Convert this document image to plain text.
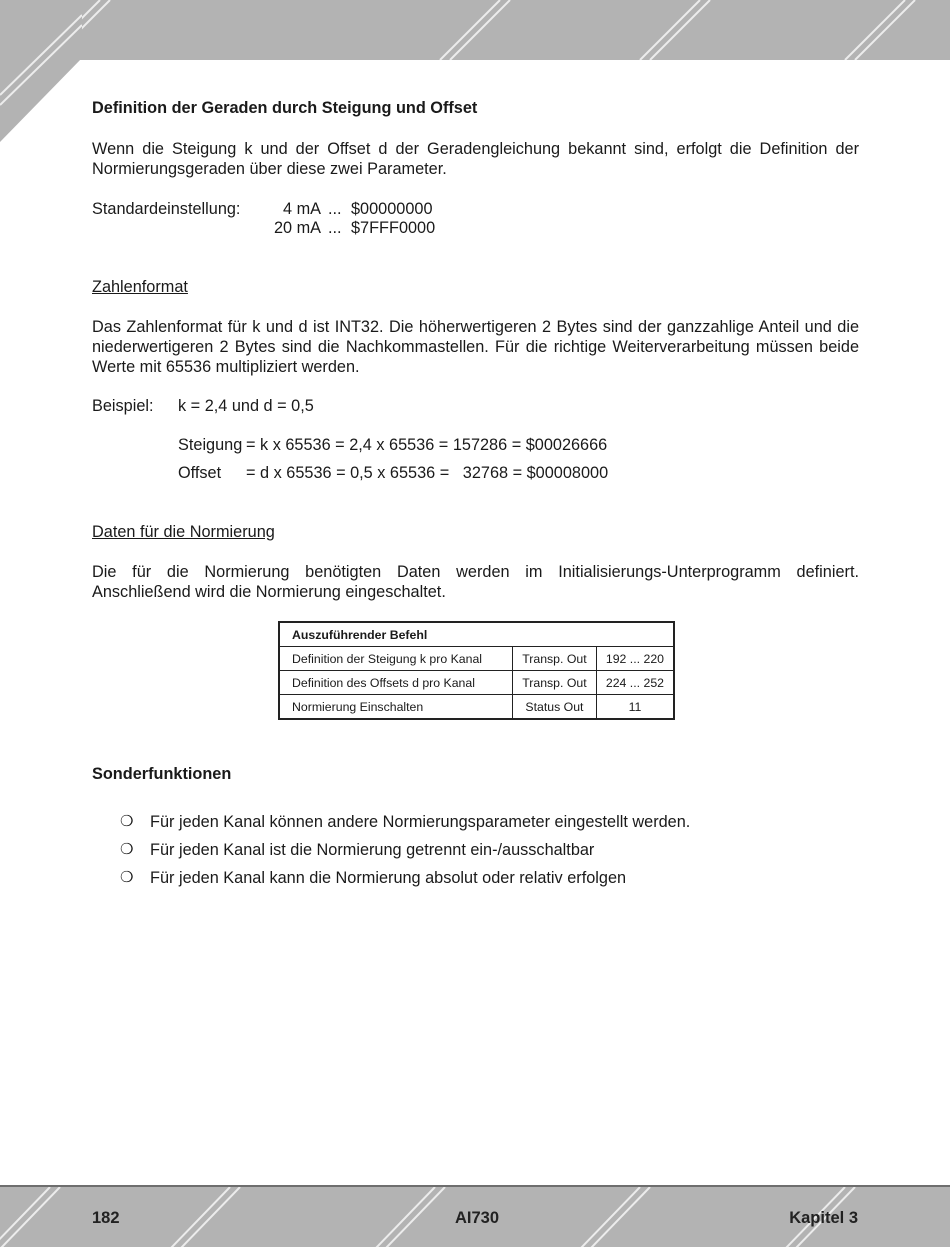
Definition der Geraden durch Steigung und Offset
Wenn die Steigung k und der Offset d der Geradengleichung bekannt sind, erfolgt die Definition der Normierungsgeraden über diese zwei Parameter.
Standardeinstellung:	4 mA ... $00000000
20 mA ... $7FFF0000
Zahlenformat
Das Zahlenformat für k und d ist INT32. Die höherwertigeren 2 Bytes sind der ganzzahlige Anteil und die niederwertigeren 2 Bytes sind die Nachkommastellen. Für die richtige Weiterverarbeitung müssen beide Werte mit 65536 multipliziert werden.
Beispiel: k = 2,4 und d = 0,5
Steigung = k x 65536 = 2,4 x 65536 = 157286 = $00026666
Offset = d x 65536 = 0,5 x 65536 =   32768 = $00008000
Daten für die Normierung
Die für die Normierung benötigten Daten werden im Initialisierungs-Unterprogramm definiert. Anschließend wird die Normierung eingeschaltet.
Auszuführender Befehl		
Definition der Steigung k pro Kanal	Transp. Out	192 ... 220
Definition des Offsets d pro Kanal	Transp. Out	224 ... 252
Normierung Einschalten	Status Out	11
Sonderfunktionen
❍	Für jeden Kanal können andere Normierungsparameter eingestellt werden.
❍	Für jeden Kanal ist die Normierung getrennt ein-/ausschaltbar
❍	Für jeden Kanal kann die Normierung absolut oder relativ erfolgen
182	AI730	Kapitel 3
